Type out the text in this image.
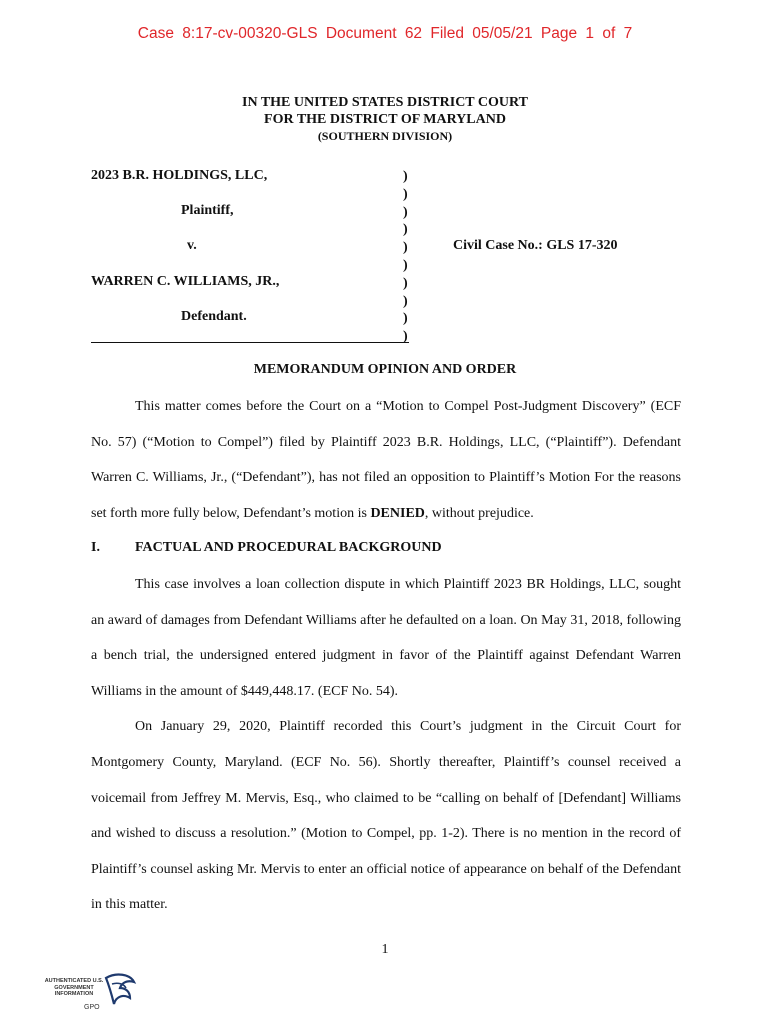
Case 8:17-cv-00320-GLS Document 62 Filed 05/05/21 Page 1 of 7
IN THE UNITED STATES DISTRICT COURT
FOR THE DISTRICT OF MARYLAND
(SOUTHERN DIVISION)
2023 B.R. HOLDINGS, LLC,
Plaintiff,
v.
WARREN C. WILLIAMS, JR.,
Defendant.
)
)
)
)
)
)
)
)
)
)
Civil Case No.: GLS 17-320
MEMORANDUM OPINION AND ORDER

This matter comes before the Court on a “Motion to Compel Post-Judgment Discovery” (ECF No. 57) (“Motion to Compel”) filed by Plaintiff 2023 B.R. Holdings, LLC, (“Plaintiff”). Defendant Warren C. Williams, Jr., (“Defendant”), has not filed an opposition to Plaintiff’s Motion For the reasons set forth more fully below, Defendant’s motion is DENIED, without prejudice.

I.	FACTUAL AND PROCEDURAL BACKGROUND

This case involves a loan collection dispute in which Plaintiff 2023 BR Holdings, LLC, sought an award of damages from Defendant Williams after he defaulted on a loan. On May 31, 2018, following a bench trial, the undersigned entered judgment in favor of the Plaintiff against Defendant Warren Williams in the amount of $449,448.17. (ECF No. 54).

On January 29, 2020, Plaintiff recorded this Court’s judgment in the Circuit Court for Montgomery County, Maryland. (ECF No. 56). Shortly thereafter, Plaintiff’s counsel received a voicemail from Jeffrey M. Mervis, Esq., who claimed to be “calling on behalf of [Defendant] Williams and wished to discuss a resolution.” (Motion to Compel, pp. 1-2). There is no mention in the record of Plaintiff’s counsel asking Mr. Mervis to enter an official notice of appearance on behalf of the Defendant in this matter.

1
AUTHENTICATED U.S. GOVERNMENT INFORMATION
GPO
